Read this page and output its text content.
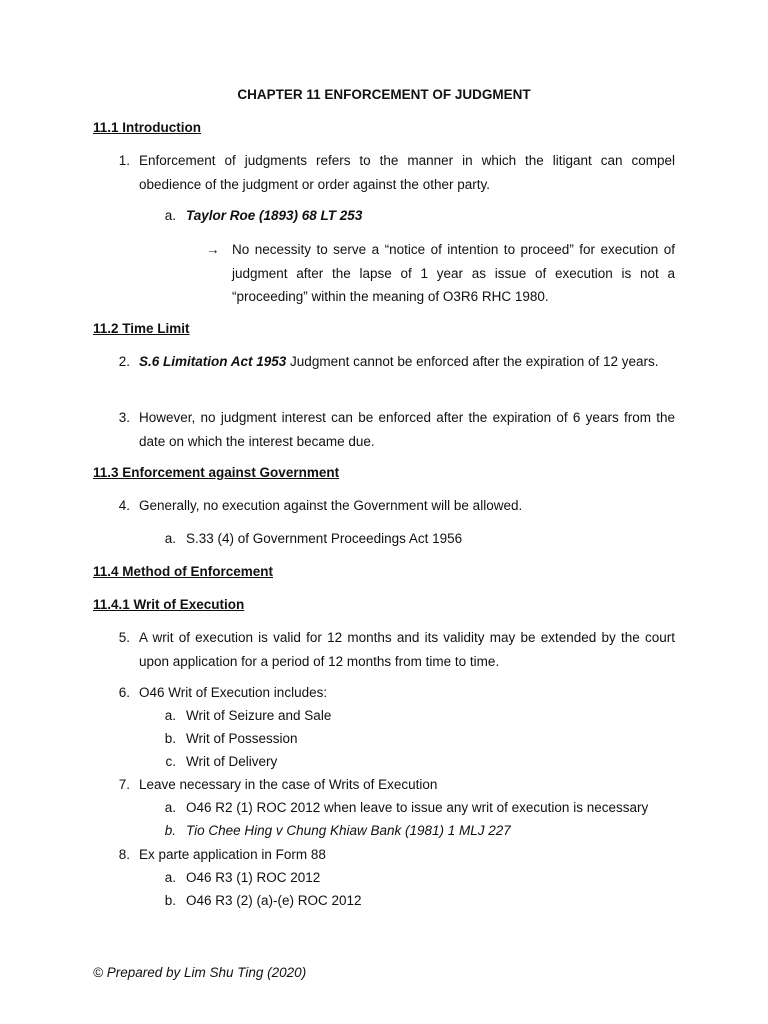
CHAPTER 11 ENFORCEMENT OF JUDGMENT
11.1 Introduction
1. Enforcement of judgments refers to the manner in which the litigant can compel obedience of the judgment or order against the other party.
a. Taylor Roe (1893) 68 LT 253
→ No necessity to serve a “notice of intention to proceed” for execution of judgment after the lapse of 1 year as issue of execution is not a “proceeding” within the meaning of O3R6 RHC 1980.
11.2 Time Limit
2. S.6 Limitation Act 1953 Judgment cannot be enforced after the expiration of 12 years.
3. However, no judgment interest can be enforced after the expiration of 6 years from the date on which the interest became due.
11.3 Enforcement against Government
4. Generally, no execution against the Government will be allowed.
a. S.33 (4) of Government Proceedings Act 1956
11.4 Method of Enforcement
11.4.1 Writ of Execution
5. A writ of execution is valid for 12 months and its validity may be extended by the court upon application for a period of 12 months from time to time.
6. O46 Writ of Execution includes:
a. Writ of Seizure and Sale
b. Writ of Possession
c. Writ of Delivery
7. Leave necessary in the case of Writs of Execution
a. O46 R2 (1) ROC 2012 when leave to issue any writ of execution is necessary
b. Tio Chee Hing v Chung Khiaw Bank (1981) 1 MLJ 227
8. Ex parte application in Form 88
a. O46 R3 (1) ROC 2012
b. O46 R3 (2) (a)-(e) ROC 2012
© Prepared by Lim Shu Ting (2020)
